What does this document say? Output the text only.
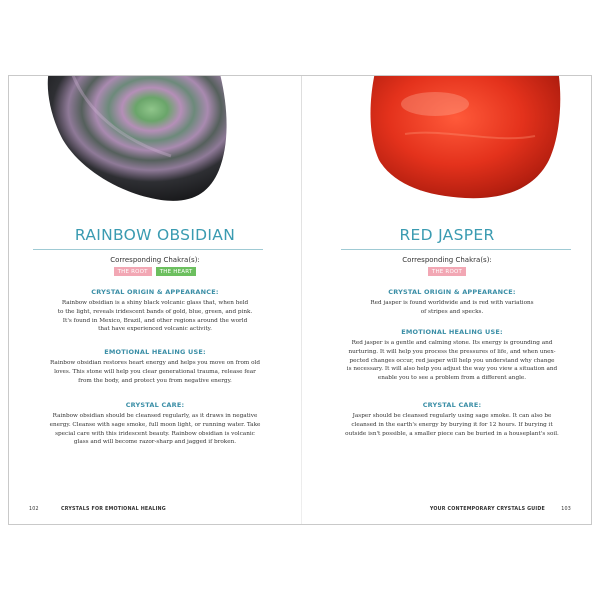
RAINBOW OBSIDIAN
Corresponding Chakra(s):
THE ROOT THE HEART
CRYSTAL ORIGIN & APPEARANCE:

Rainbow obsidian is a shiny black volcanic glass that, when held
to the light, reveals iridescent bands of gold, blue, green, and pink.
It's found in Mexico, Brazil, and other regions around the world
that have experienced volcanic activity.

EMOTIONAL HEALING USE:

Rainbow obsidian restores heart energy and helps you move on from old
loves. This stone will help you clear generational trauma, release fear
from the body, and protect you from negative energy.

CRYSTAL CARE:

Rainbow obsidian should be cleansed regularly, as it draws in negative
energy. Cleanse with sage smoke, full moon light, or running water. Take
special care with this iridescent beauty. Rainbow obsidian is volcanic
glass and will become razor-sharp and jagged if broken.

102	CRYSTALS FOR EMOTIONAL HEALING
RED JASPER
Corresponding Chakra(s):
THE ROOT
CRYSTAL ORIGIN & APPEARANCE:

Red jasper is found worldwide and is red with variations
of stripes and specks.

EMOTIONAL HEALING USE:

Red jasper is a gentle and calming stone. Its energy is grounding and
nurturing. It will help you process the pressures of life, and when unex-
pected changes occur, red jasper will help you understand why change
is necessary. It will also help you adjust the way you view a situation and
enable you to see a problem from a different angle.

CRYSTAL CARE:

Jasper should be cleansed regularly using sage smoke. It can also be
cleansed in the earth's energy by burying it for 12 hours. If burying it
outside isn't possible, a smaller piece can be buried in a houseplant's soil.

YOUR CONTEMPORARY CRYSTALS GUIDE	103
